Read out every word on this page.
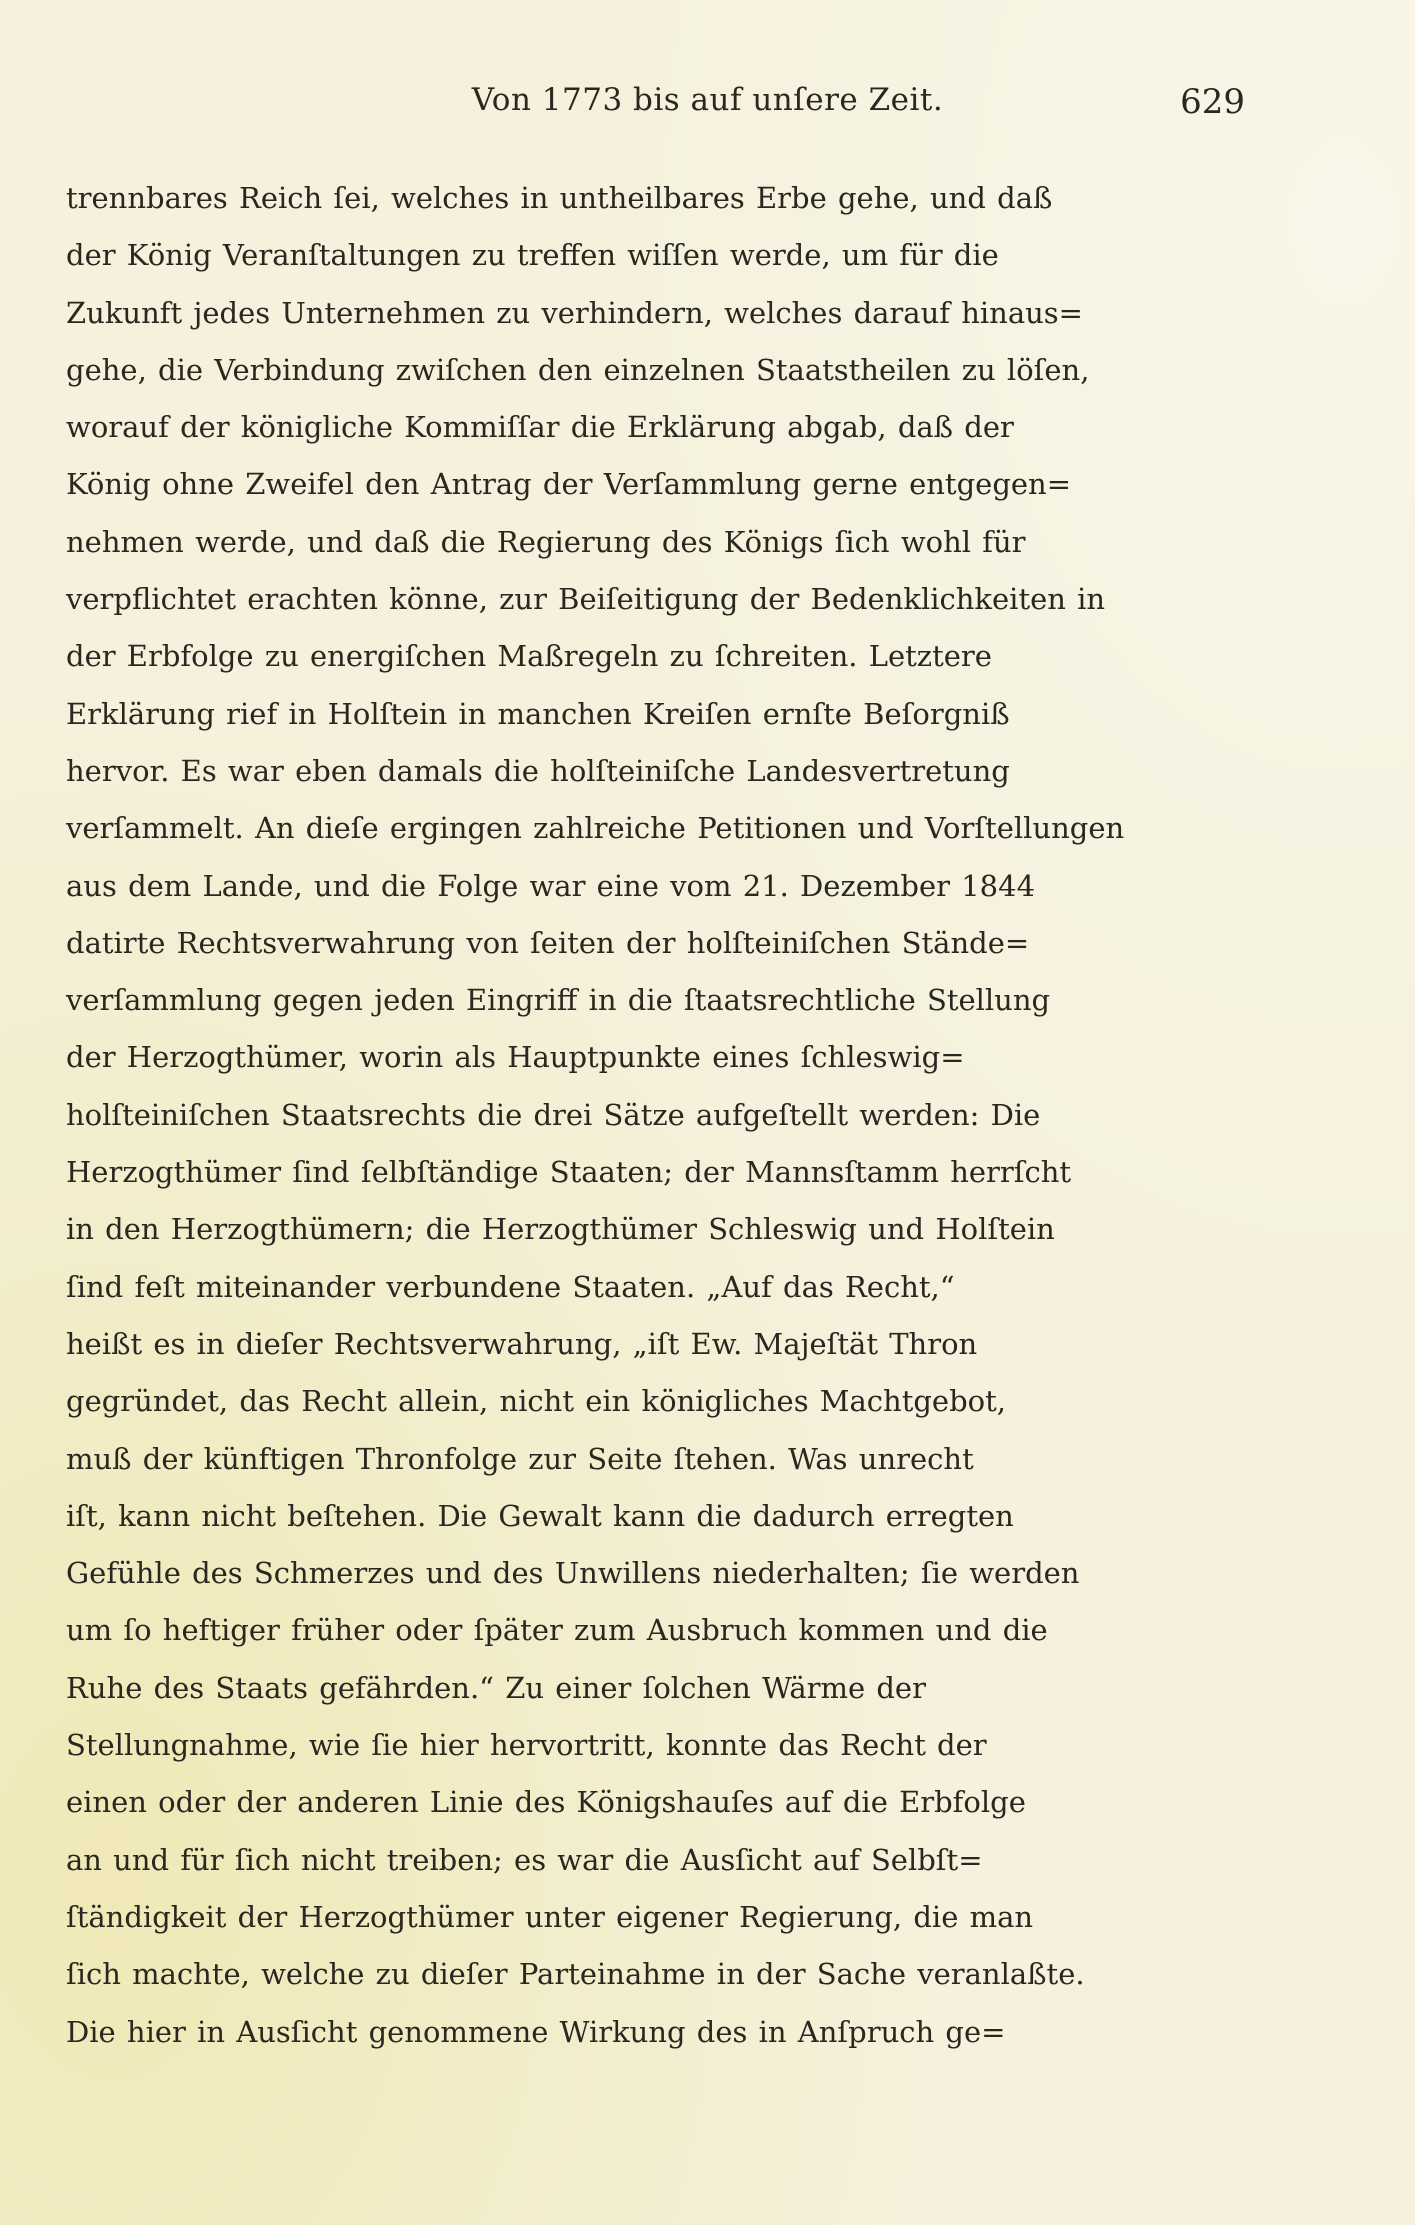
Von 1773 bis auf unſere Zeit.	629
trennbares Reich ſei, welches in untheilbares Erbe gehe, und daß
der König Veranſtaltungen zu treffen wiſſen werde, um für die
Zukunft jedes Unternehmen zu verhindern, welches darauf hinaus=
gehe, die Verbindung zwiſchen den einzelnen Staatstheilen zu löſen,
worauf der königliche Kommiſſar die Erklärung abgab, daß der
König ohne Zweifel den Antrag der Verſammlung gerne entgegen=
nehmen werde, und daß die Regierung des Königs ſich wohl für
verpflichtet erachten könne, zur Beiſeitigung der Bedenklichkeiten in
der Erbfolge zu energiſchen Maßregeln zu ſchreiten. Letztere
Erklärung rief in Holſtein in manchen Kreiſen ernſte Beſorgniß
hervor. Es war eben damals die holſteiniſche Landesvertretung
verſammelt. An dieſe ergingen zahlreiche Petitionen und Vorſtellungen
aus dem Lande, und die Folge war eine vom 21. Dezember 1844
datirte Rechtsverwahrung von ſeiten der holſteiniſchen Stände=
verſammlung gegen jeden Eingriff in die ſtaatsrechtliche Stellung
der Herzogthümer, worin als Hauptpunkte eines ſchleswig=
holſteiniſchen Staatsrechts die drei Sätze aufgeſtellt werden: Die
Herzogthümer ſind ſelbſtändige Staaten; der Mannsſtamm herrſcht
in den Herzogthümern; die Herzogthümer Schleswig und Holſtein
ſind feſt miteinander verbundene Staaten. „Auf das Recht,“
heißt es in dieſer Rechtsverwahrung, „iſt Ew. Majeſtät Thron
gegründet, das Recht allein, nicht ein königliches Machtgebot,
muß der künftigen Thronfolge zur Seite ſtehen. Was unrecht
iſt, kann nicht beſtehen. Die Gewalt kann die dadurch erregten
Gefühle des Schmerzes und des Unwillens niederhalten; ſie werden
um ſo heftiger früher oder ſpäter zum Ausbruch kommen und die
Ruhe des Staats gefährden.“ Zu einer ſolchen Wärme der
Stellungnahme, wie ſie hier hervortritt, konnte das Recht der
einen oder der anderen Linie des Königshauſes auf die Erbfolge
an und für ſich nicht treiben; es war die Ausſicht auf Selbſt=
ſtändigkeit der Herzogthümer unter eigener Regierung, die man
ſich machte, welche zu dieſer Parteinahme in der Sache veranlaßte.
Die hier in Ausſicht genommene Wirkung des in Anſpruch ge=
